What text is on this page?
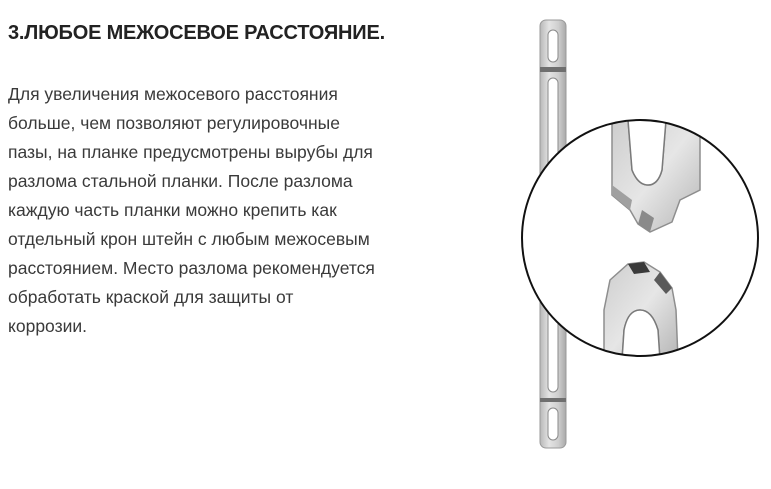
3.ЛЮБОЕ МЕЖОСЕВОЕ РАССТОЯНИЕ.

Для увеличения межосевого расстояния
больше, чем позволяют регулировочные
пазы, на планке предусмотрены вырубы для
разлома стальной планки. После разлома
каждую часть планки можно крепить как
отдельный крон штейн с любым межосевым
расстоянием. Место разлома рекомендуется
обработать краской для защиты от
коррозии.
